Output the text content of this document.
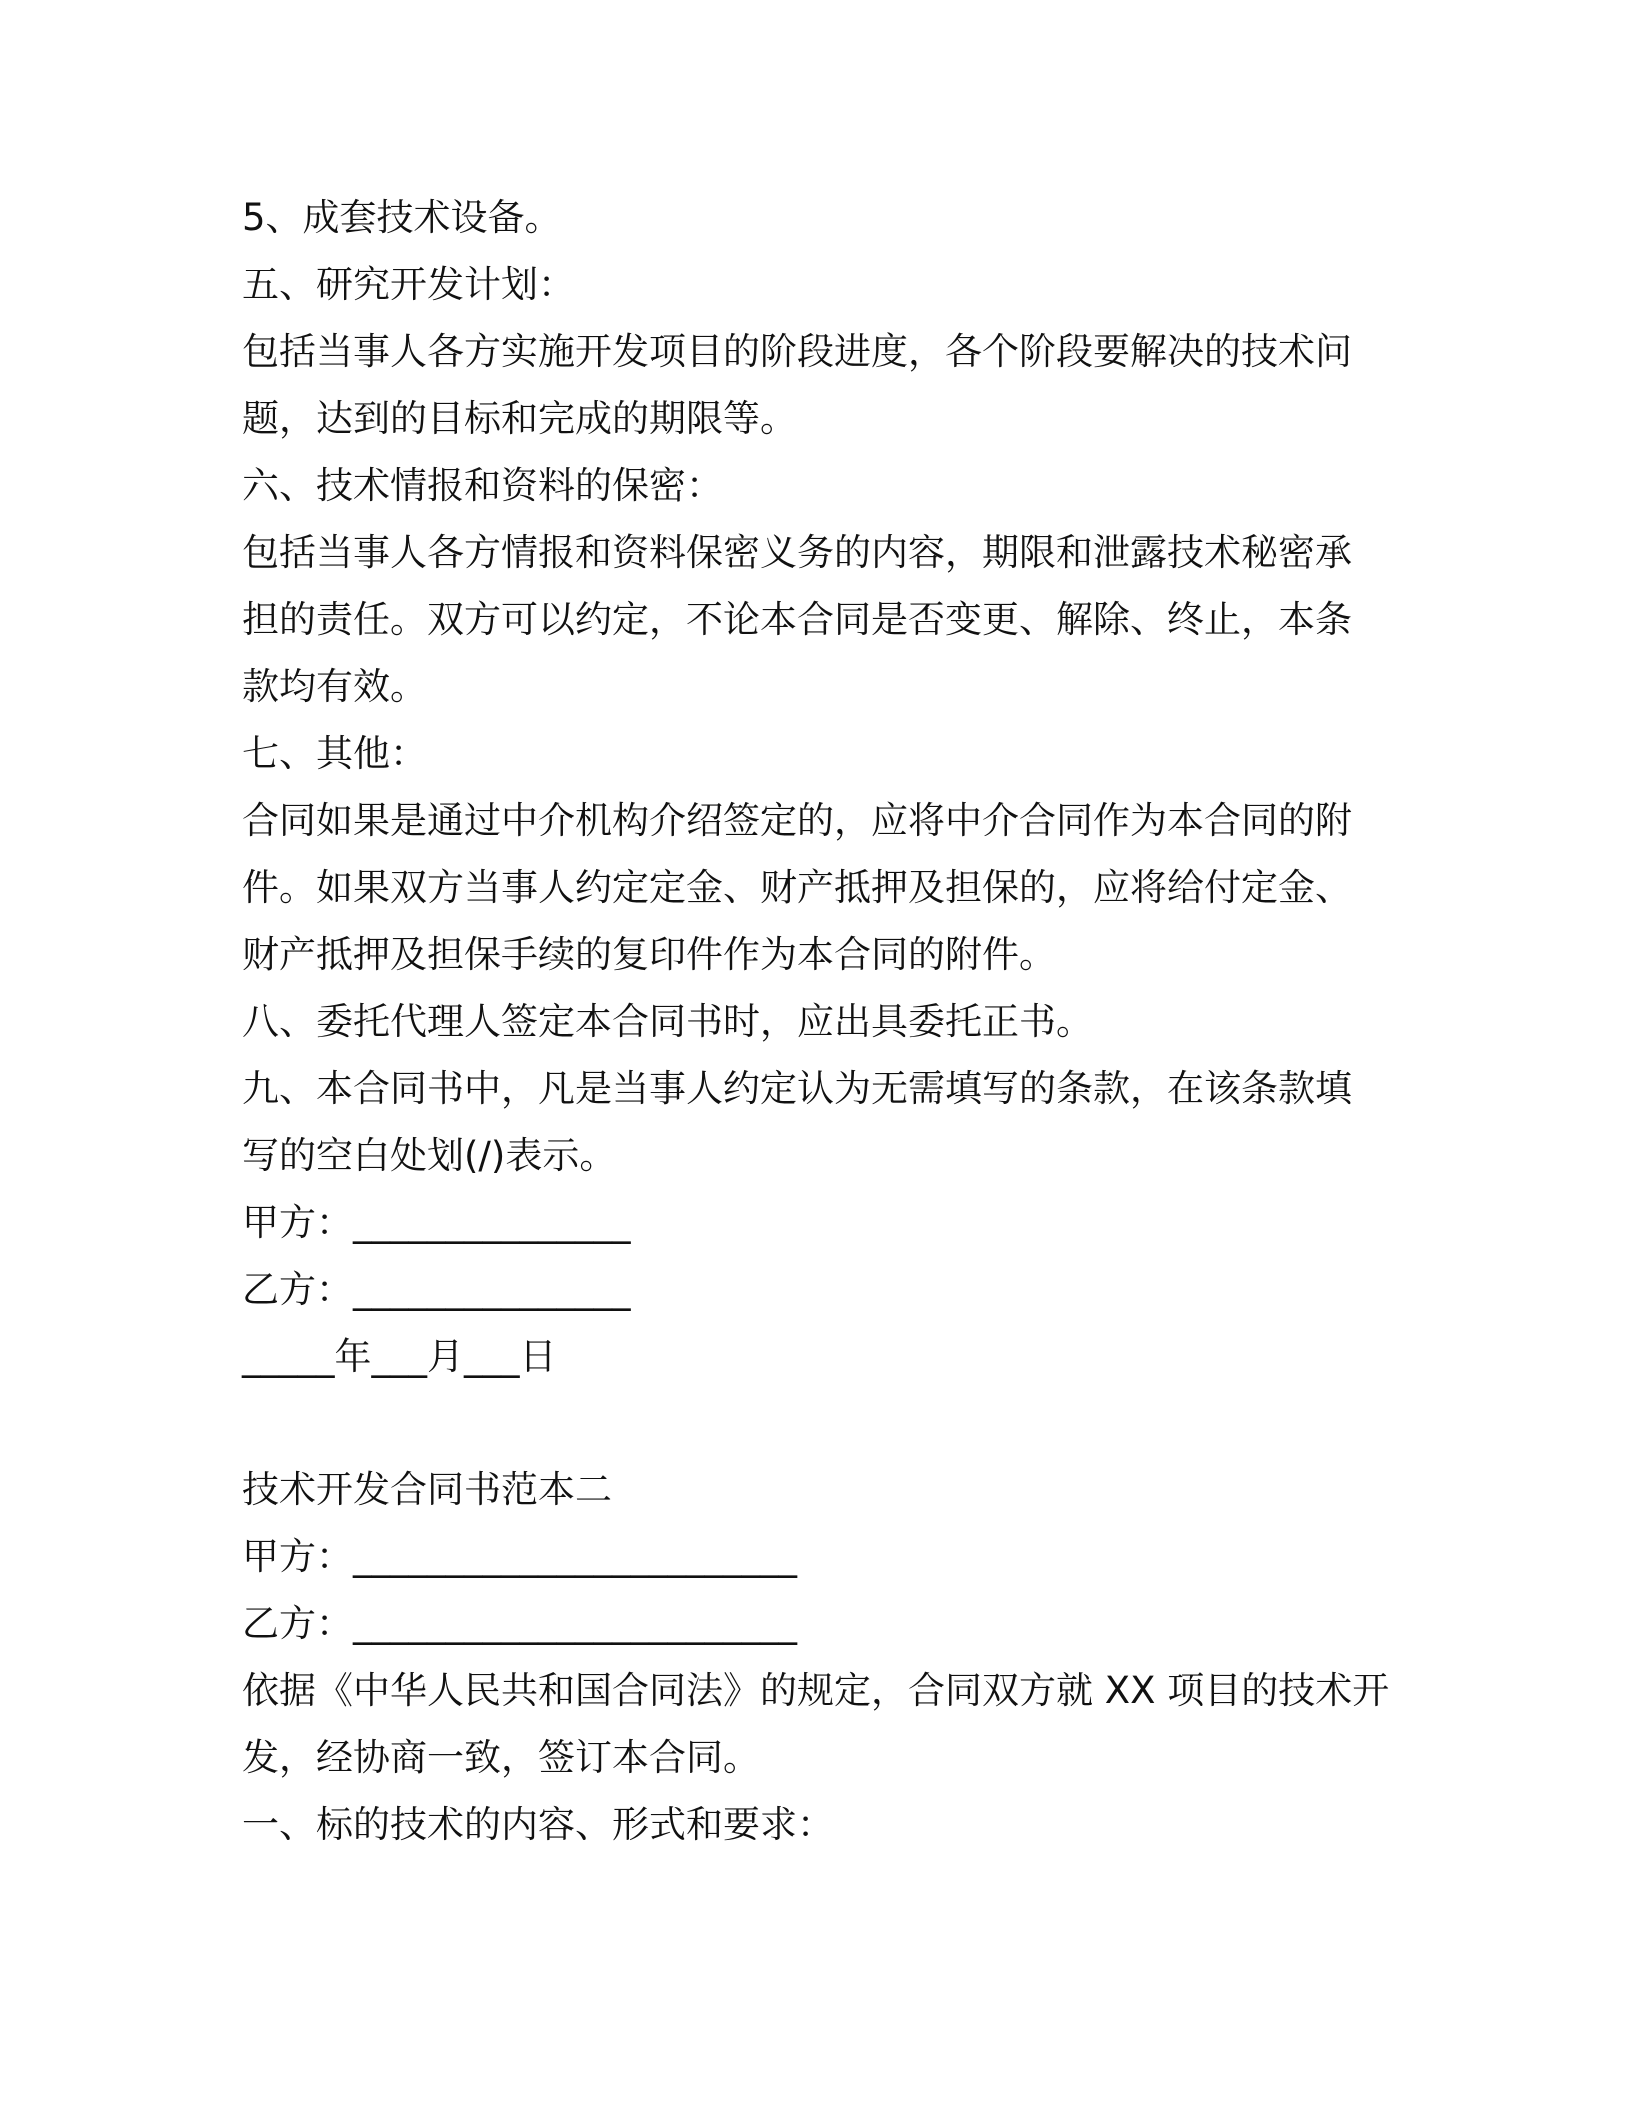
5、成套技术设备。
五、研究开发计划：
包括当事人各方实施开发项目的阶段进度，各个阶段要解决的技术问
题，达到的目标和完成的期限等。
六、技术情报和资料的保密：
包括当事人各方情报和资料保密义务的内容，期限和泄露技术秘密承
担的责任。双方可以约定，不论本合同是否变更、解除、终止，本条
款均有效。
七、其他：
合同如果是通过中介机构介绍签定的，应将中介合同作为本合同的附
件。如果双方当事人约定定金、财产抵押及担保的，应将给付定金、
财产抵押及担保手续的复印件作为本合同的附件。
八、委托代理人签定本合同书时，应出具委托正书。
九、本合同书中，凡是当事人约定认为无需填写的条款，在该条款填
写的空白处划(/)表示。
甲方：_______________
乙方：_______________
_____年___月___日
技术开发合同书范本二
甲方：________________________
乙方：________________________
依据《中华人民共和国合同法》的规定，合同双方就 XX 项目的技术开
发，经协商一致，签订本合同。
一、标的技术的内容、形式和要求：
